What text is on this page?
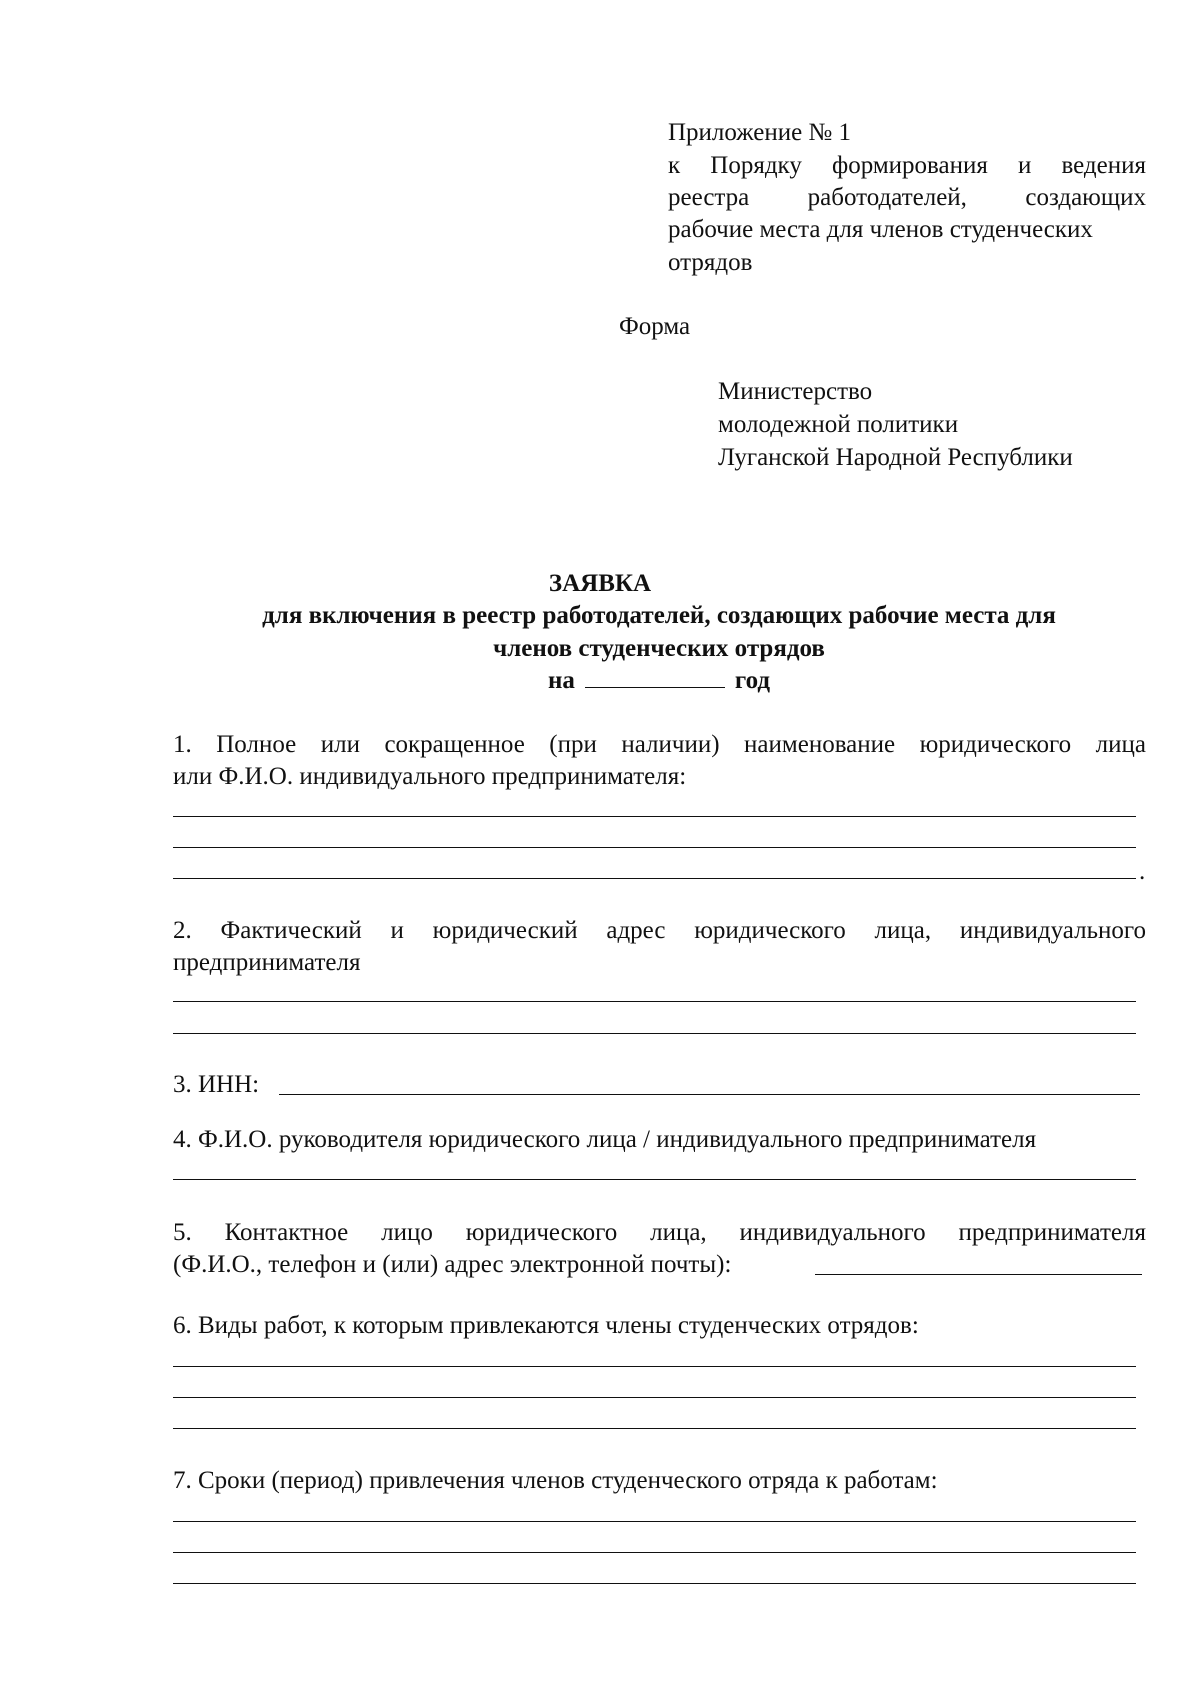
Приложение № 1
к Порядку формирования и ведения
реестра работодателей, создающих
рабочие места для членов студенческих
отрядов
Форма
Министерство
молодежной политики
Луганской Народной Республики
ЗАЯВКА
для включения в реестр работодателей, создающих рабочие места для
членов студенческих отрядов
на	год
1. Полное или сокращенное (при наличии) наименование юридического лица
или Ф.И.О. индивидуального предпринимателя:
.
2. Фактический и юридический адрес юридического лица, индивидуального
предпринимателя
3. ИНН:
4. Ф.И.О. руководителя юридического лица / индивидуального предпринимателя
5. Контактное лицо юридического лица, индивидуального предпринимателя
(Ф.И.О., телефон и (или) адрес электронной почты):
6. Виды работ, к которым привлекаются члены студенческих отрядов:
7. Сроки (период) привлечения членов студенческого отряда к работам:
